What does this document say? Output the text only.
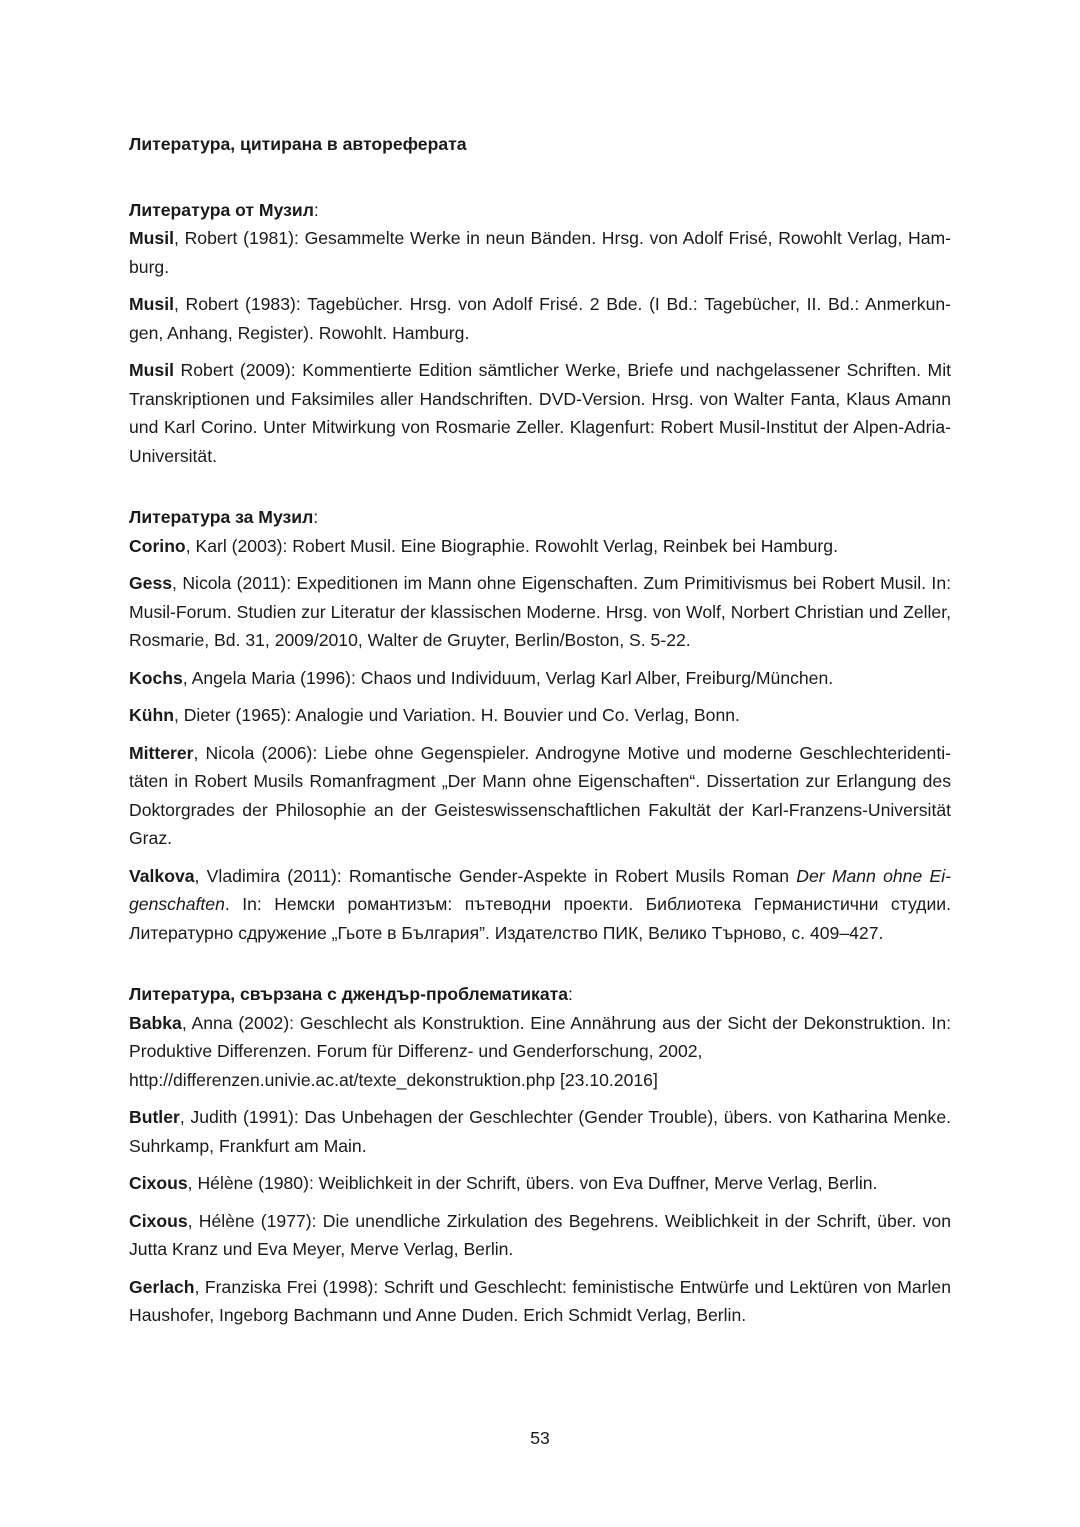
Литература, цитирана в автореферата

Литература от Музил:

Musil, Robert (1981): Gesammelte Werke in neun Bänden. Hrsg. von Adolf Frisé, Rowohlt Verlag, Ham-burg.

Musil, Robert (1983): Tagebücher. Hrsg. von Adolf Frisé. 2 Bde. (I Bd.: Tagebücher, II. Bd.: Anmerkun-gen, Anhang, Register). Rowohlt. Hamburg.

Musil Robert (2009): Kommentierte Edition sämtlicher Werke, Briefe und nachgelassener Schriften. Mit Transkriptionen und Faksimiles aller Handschriften. DVD-Version. Hrsg. von Walter Fanta, Klaus Amann und Karl Corino. Unter Mitwirkung von Rosmarie Zeller. Klagenfurt: Robert Musil-Institut der Alpen-Adria-Universität.

Литература за Музил:

Corino, Karl (2003): Robert Musil. Eine Biographie. Rowohlt Verlag, Reinbek bei Hamburg.

Gess, Nicola (2011): Expeditionen im Mann ohne Eigenschaften. Zum Primitivismus bei Robert Musil. In: Musil-Forum. Studien zur Literatur der klassischen Moderne. Hrsg. von Wolf, Norbert Christian und Zeller, Rosmarie, Bd. 31, 2009/2010, Walter de Gruyter, Berlin/Boston, S. 5-22.

Kochs, Angela Maria (1996): Chaos und Individuum, Verlag Karl Alber, Freiburg/München.

Kühn, Dieter (1965): Analogie und Variation. H. Bouvier und Co. Verlag, Bonn.

Mitterer, Nicola (2006): Liebe ohne Gegenspieler. Androgyne Motive und moderne Geschlechteridenti-täten in Robert Musils Romanfragment „Der Mann ohne Eigenschaften“. Dissertation zur Erlangung des Doktorgrades der Philosophie an der Geisteswissenschaftlichen Fakultät der Karl-Franzens-Universität Graz.

Valkova, Vladimira (2011): Romantische Gender-Aspekte in Robert Musils Roman Der Mann ohne Ei-genschaften. In: Немски романтизъм: пътеводни проекти. Библиотека Германистични студии. Литературно сдружение „Гьоте в България”. Издателство ПИК, Велико Търново, с. 409–427.

Литература, свързана с джендър-проблематиката:

Babka, Anna (2002): Geschlecht als Konstruktion. Eine Annährung aus der Sicht der Dekonstruktion. In: Produktive Differenzen. Forum für Differenz- und Genderforschung, 2002,
http://differenzen.univie.ac.at/texte_dekonstruktion.php [23.10.2016]

Butler, Judith (1991): Das Unbehagen der Geschlechter (Gender Trouble), übers. von Katharina Menke. Suhrkamp, Frankfurt am Main.

Cixous, Hélène (1980): Weiblichkeit in der Schrift, übers. von Eva Duffner, Merve Verlag, Berlin.

Cixous, Hélène (1977): Die unendliche Zirkulation des Begehrens. Weiblichkeit in der Schrift, über. von Jutta Kranz und Eva Meyer, Merve Verlag, Berlin.

Gerlach, Franziska Frei (1998): Schrift und Geschlecht: feministische Entwürfe und Lektüren von Marlen Haushofer, Ingeborg Bachmann und Anne Duden. Erich Schmidt Verlag, Berlin.

53
